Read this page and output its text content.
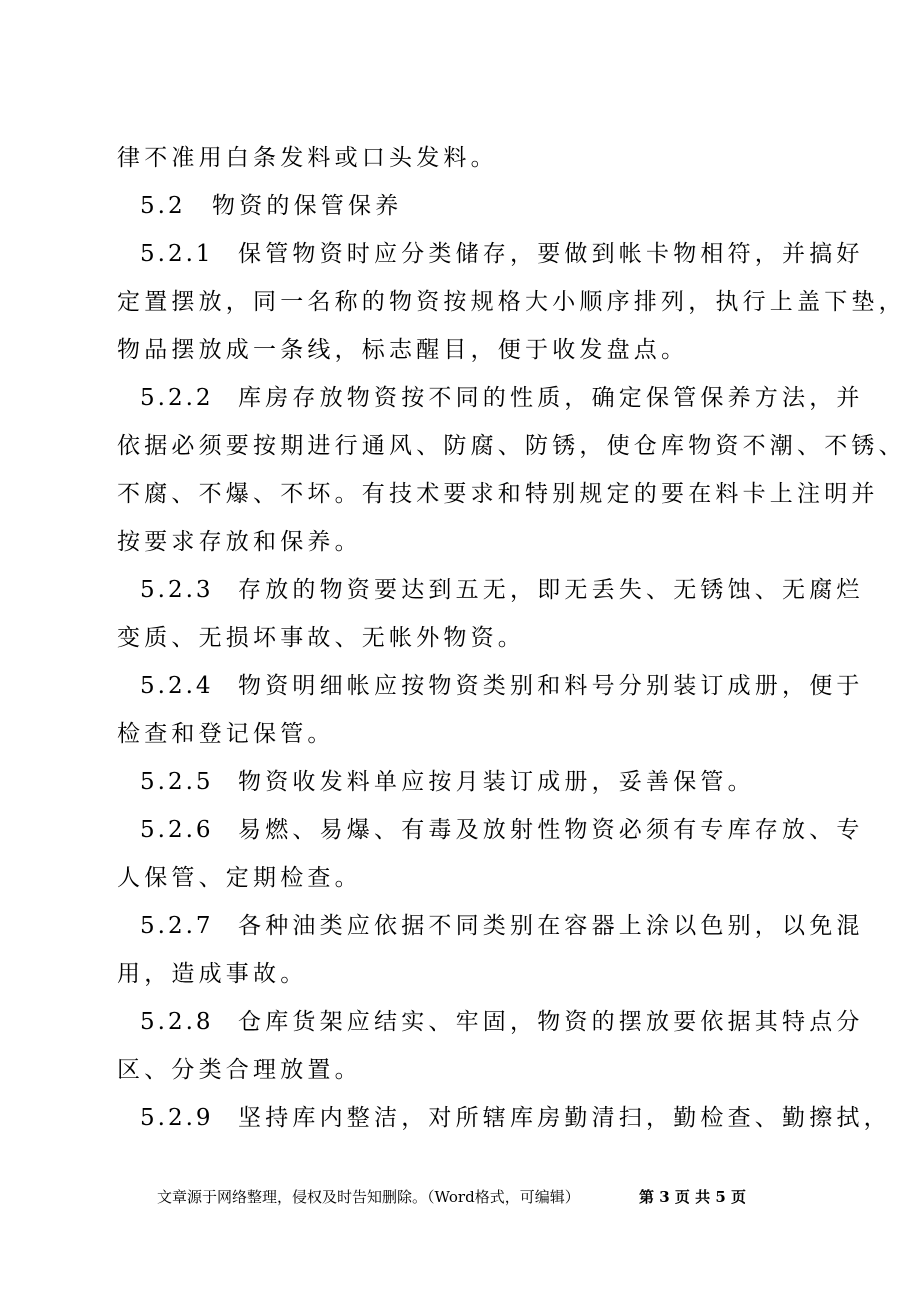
律不准用白条发料或口头发料。
5.2 物资的保管保养
5.2.1 保管物资时应分类储存，要做到帐卡物相符，并搞好
定置摆放，同一名称的物资按规格大小顺序排列，执行上盖下垫，
物品摆放成一条线，标志醒目，便于收发盘点。
5.2.2 库房存放物资按不同的性质，确定保管保养方法，并
依据必须要按期进行通风、防腐、防锈，使仓库物资不潮、不锈、
不腐、不爆、不坏。有技术要求和特别规定的要在料卡上注明并
按要求存放和保养。
5.2.3 存放的物资要达到五无，即无丢失、无锈蚀、无腐烂
变质、无损坏事故、无帐外物资。
5.2.4 物资明细帐应按物资类别和料号分别装订成册，便于
检查和登记保管。
5.2.5 物资收发料单应按月装订成册，妥善保管。
5.2.6 易燃、易爆、有毒及放射性物资必须有专库存放、专
人保管、定期检查。
5.2.7 各种油类应依据不同类别在容器上涂以色别，以免混
用，造成事故。
5.2.8 仓库货架应结实、牢固，物资的摆放要依据其特点分
区、分类合理放置。
5.2.9 坚持库内整洁，对所辖库房勤清扫，勤检查、勤擦拭，
文章源于网络整理，侵权及时告知删除。（Word格式，可编辑）	第 3 页 共 5 页
